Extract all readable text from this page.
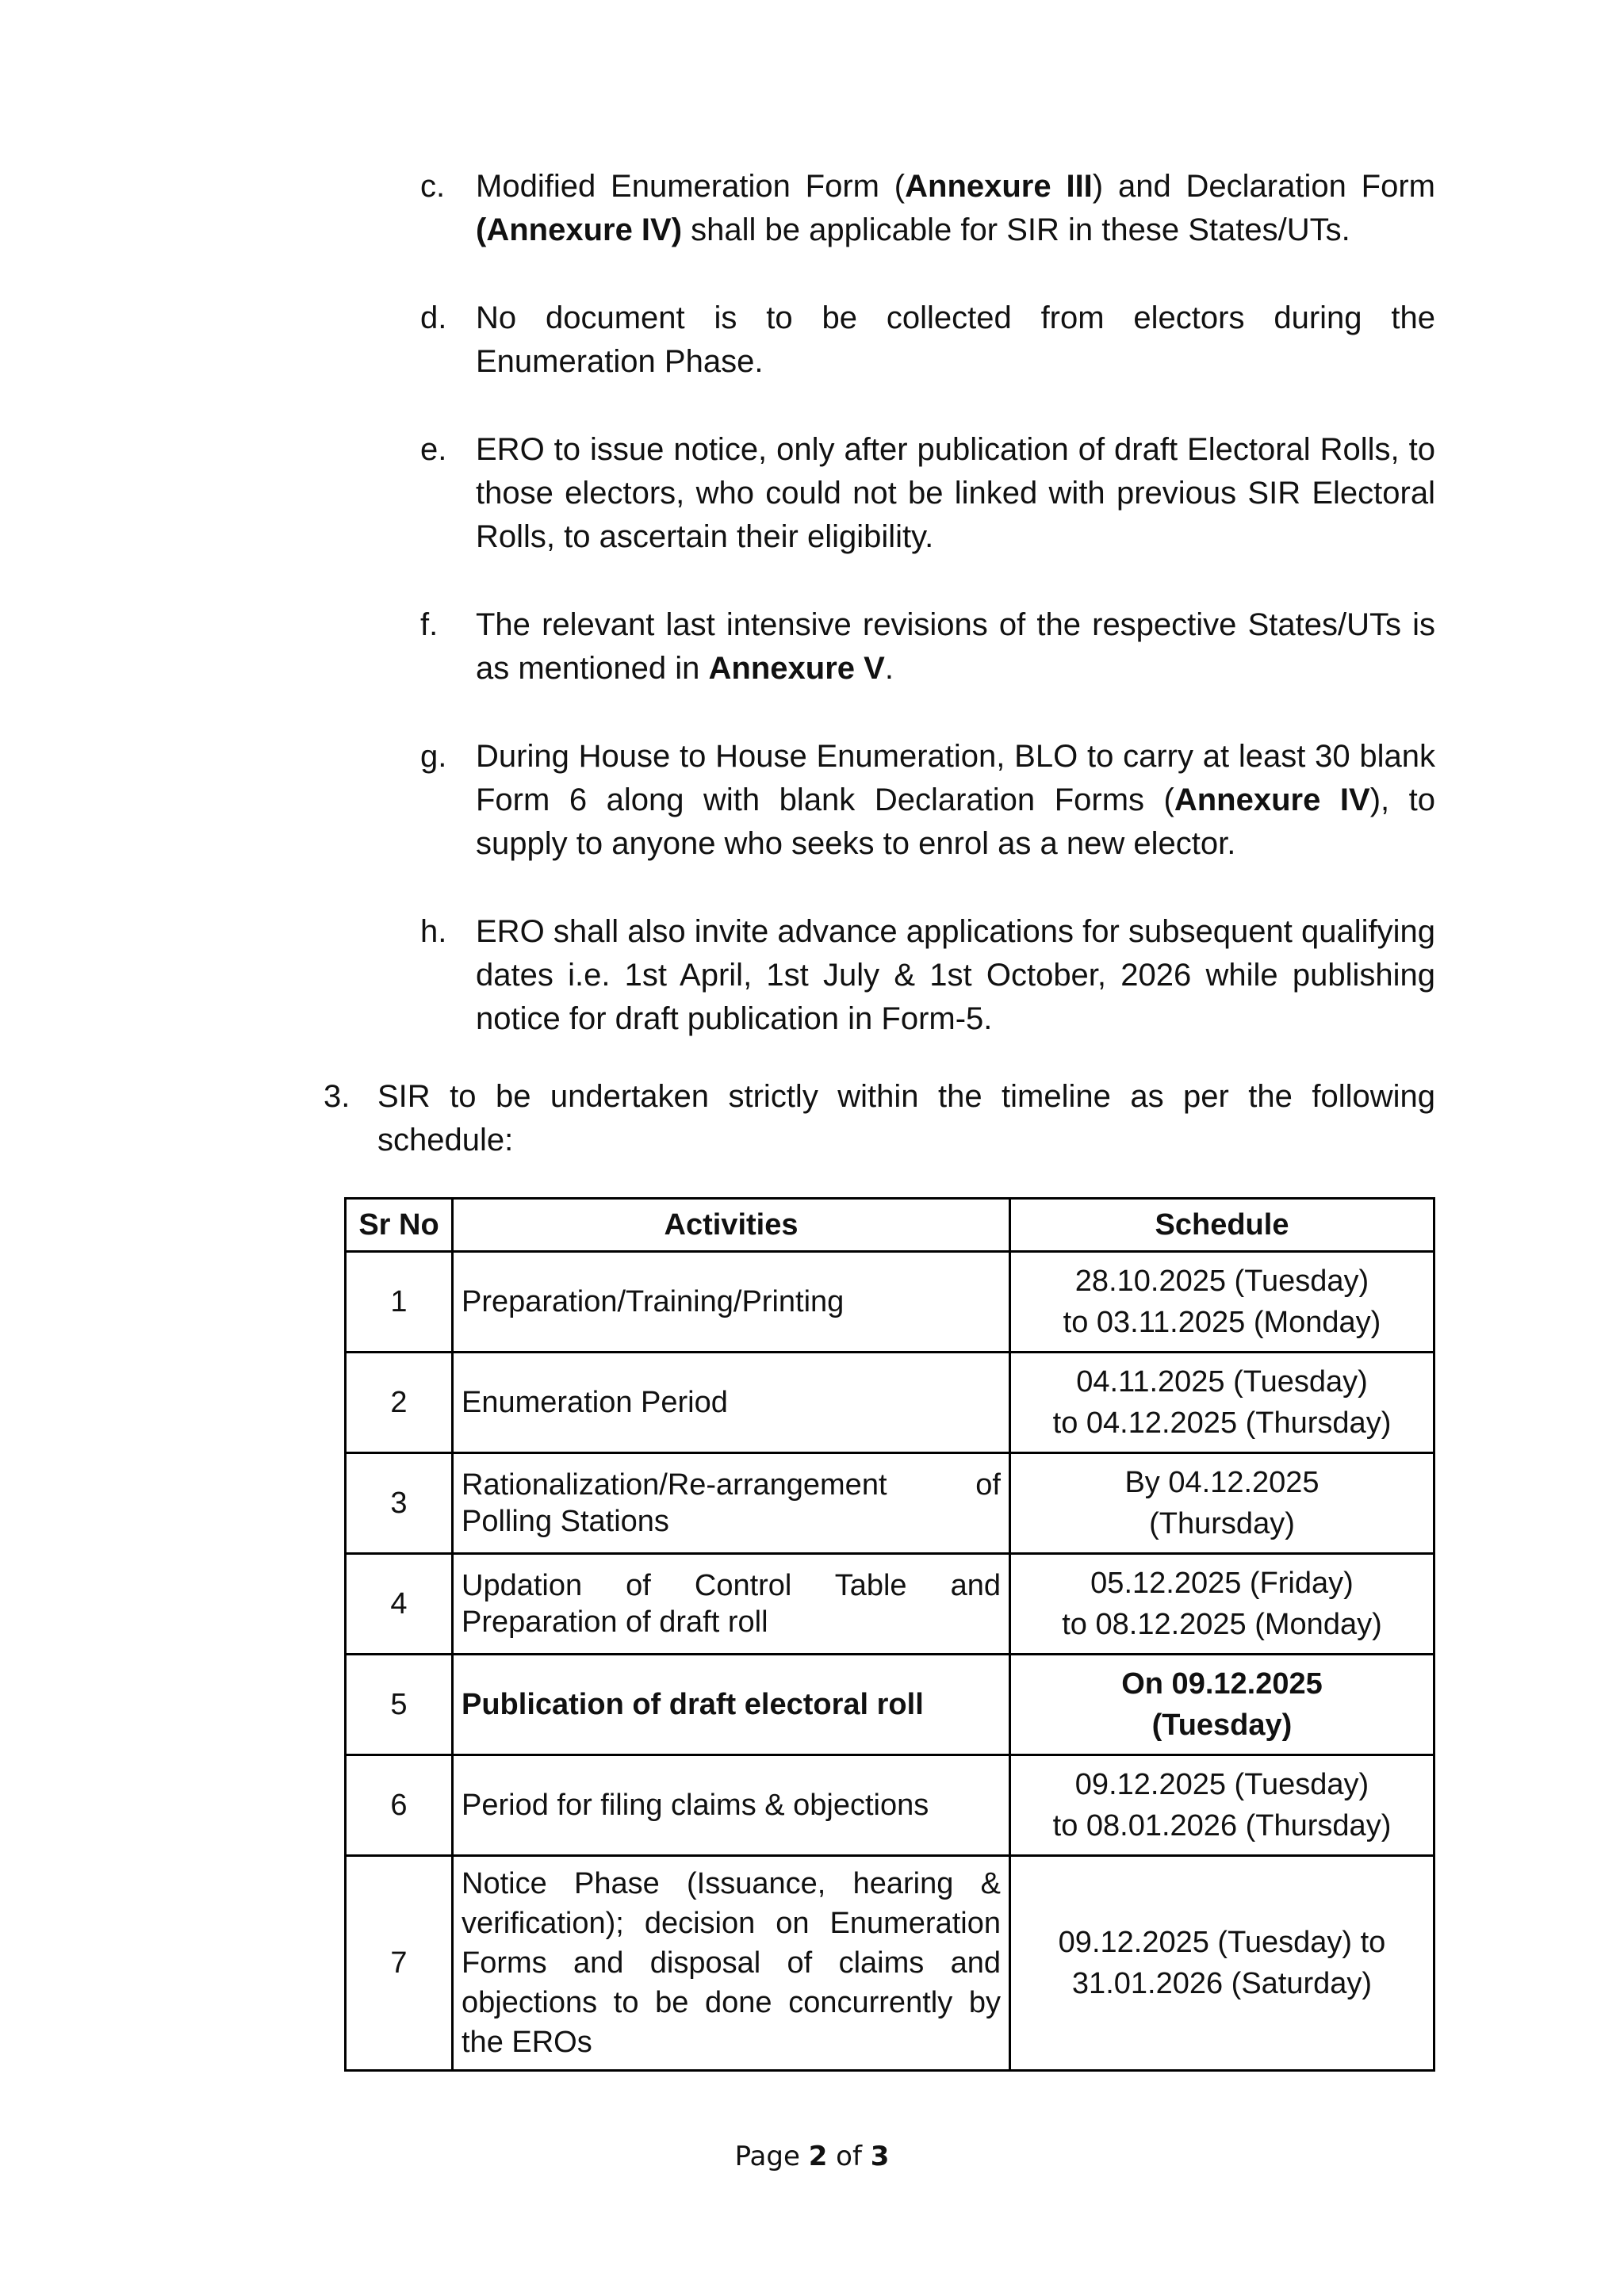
c. Modified Enumeration Form (Annexure III) and Declaration Form (Annexure IV) shall be applicable for SIR in these States/UTs.
d. No document is to be collected from electors during the Enumeration Phase.
e. ERO to issue notice, only after publication of draft Electoral Rolls, to those electors, who could not be linked with previous SIR Electoral Rolls, to ascertain their eligibility.
f.	The relevant last intensive revisions of the respective States/UTs is as mentioned in Annexure V.
g. During House to House Enumeration, BLO to carry at least 30 blank Form 6 along with blank Declaration Forms (Annexure IV), to supply to anyone who seeks to enrol as a new elector.
h. ERO shall also invite advance applications for subsequent qualifying dates i.e. 1st April, 1st July & 1st October, 2026 while publishing notice for draft publication in Form-5.
3. SIR to be undertaken strictly within the timeline as per the following schedule:
Sr No	Activities	Schedule
1	Preparation/Training/Printing	28.10.2025 (Tuesday)
to 03.11.2025 (Monday)

2	Enumeration Period	04.11.2025 (Tuesday)
to 04.12.2025 (Thursday)

3	Rationalization/Re-arrangement of Polling Stations	By 04.12.2025
(Thursday)

4	Updation of Control Table and Preparation of draft roll	05.12.2025 (Friday)
to 08.12.2025 (Monday)

5	Publication of draft electoral roll	On 09.12.2025
(Tuesday)

6	Period for filing claims & objections	09.12.2025 (Tuesday)
to 08.01.2026 (Thursday)

7	Notice Phase (Issuance, hearing & verification); decision on Enumeration Forms and disposal of claims and objections to be done concurrently by the EROs	09.12.2025 (Tuesday) to
31.01.2026 (Saturday)
Page 2 of 3
